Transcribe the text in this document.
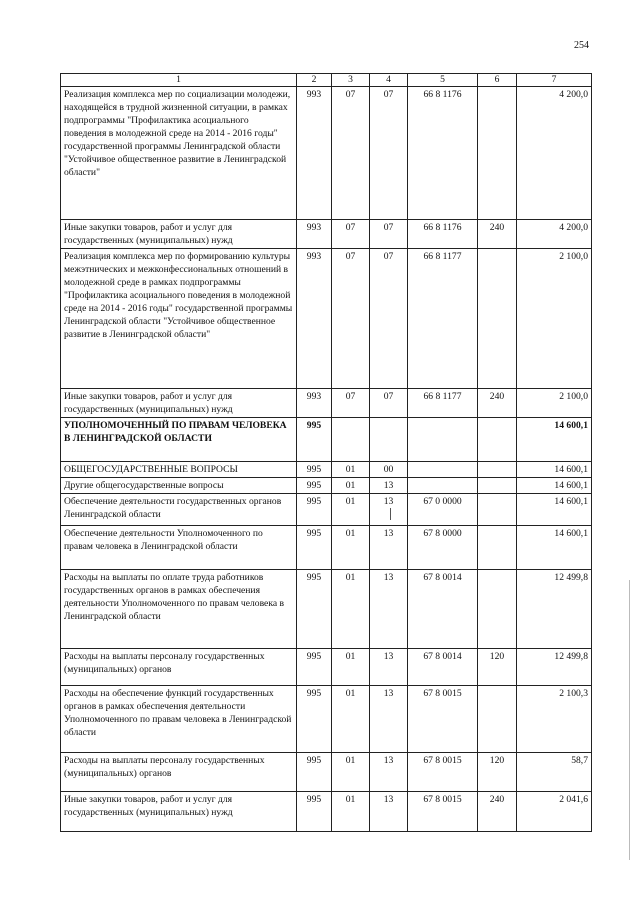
254
1	2	3	4	5	6	7
Реализация комплекса мер по социализации молодежи, находящейся в трудной жизненной ситуации, в рамках подпрограммы "Профилактика асоциального поведения в молодежной среде на 2014 - 2016 годы" государственной программы Ленинградской области "Устойчивое общественное развитие в Ленинградской области"	993	07	07	66 8 1176		4 200,0
Иные закупки товаров, работ и услуг для государственных (муниципальных) нужд	993	07	07	66 8 1176	240	4 200,0
Реализация комплекса мер по формированию культуры межэтнических и межконфессиональных отношений в молодежной среде в рамках подпрограммы "Профилактика асоциального поведения в молодежной среде на 2014 - 2016 годы" государственной программы Ленинградской области "Устойчивое общественное развитие в Ленинградской области"	993	07	07	66 8 1177		2 100,0
Иные закупки товаров, работ и услуг для государственных (муниципальных) нужд	993	07	07	66 8 1177	240	2 100,0
УПОЛНОМОЧЕННЫЙ ПО ПРАВАМ ЧЕЛОВЕКА В ЛЕНИНГРАДСКОЙ ОБЛАСТИ	995					14 600,1
ОБЩЕГОСУДАРСТВЕННЫЕ ВОПРОСЫ	995	01	00			14 600,1
Другие общегосударственные вопросы	995	01	13			14 600,1
Обеспечение деятельности государственных органов Ленинградской области	995	01	13	67 0 0000		14 600,1
Обеспечение деятельности Уполномоченного по правам человека в Ленинградской области	995	01	13	67 8 0000		14 600,1
Расходы на выплаты по оплате труда работников государственных органов в рамках обеспечения деятельности Уполномоченного по правам человека в Ленинградской области	995	01	13	67 8 0014		12 499,8
Расходы на выплаты персоналу государственных (муниципальных) органов	995	01	13	67 8 0014	120	12 499,8
Расходы на обеспечение функций государственных органов в рамках обеспечения деятельности Уполномоченного по правам человека в Ленинградской области	995	01	13	67 8 0015		2 100,3
Расходы на выплаты персоналу государственных (муниципальных) органов	995	01	13	67 8 0015	120	58,7
Иные закупки товаров, работ и услуг для государственных (муниципальных) нужд	995	01	13	67 8 0015	240	2 041,6
